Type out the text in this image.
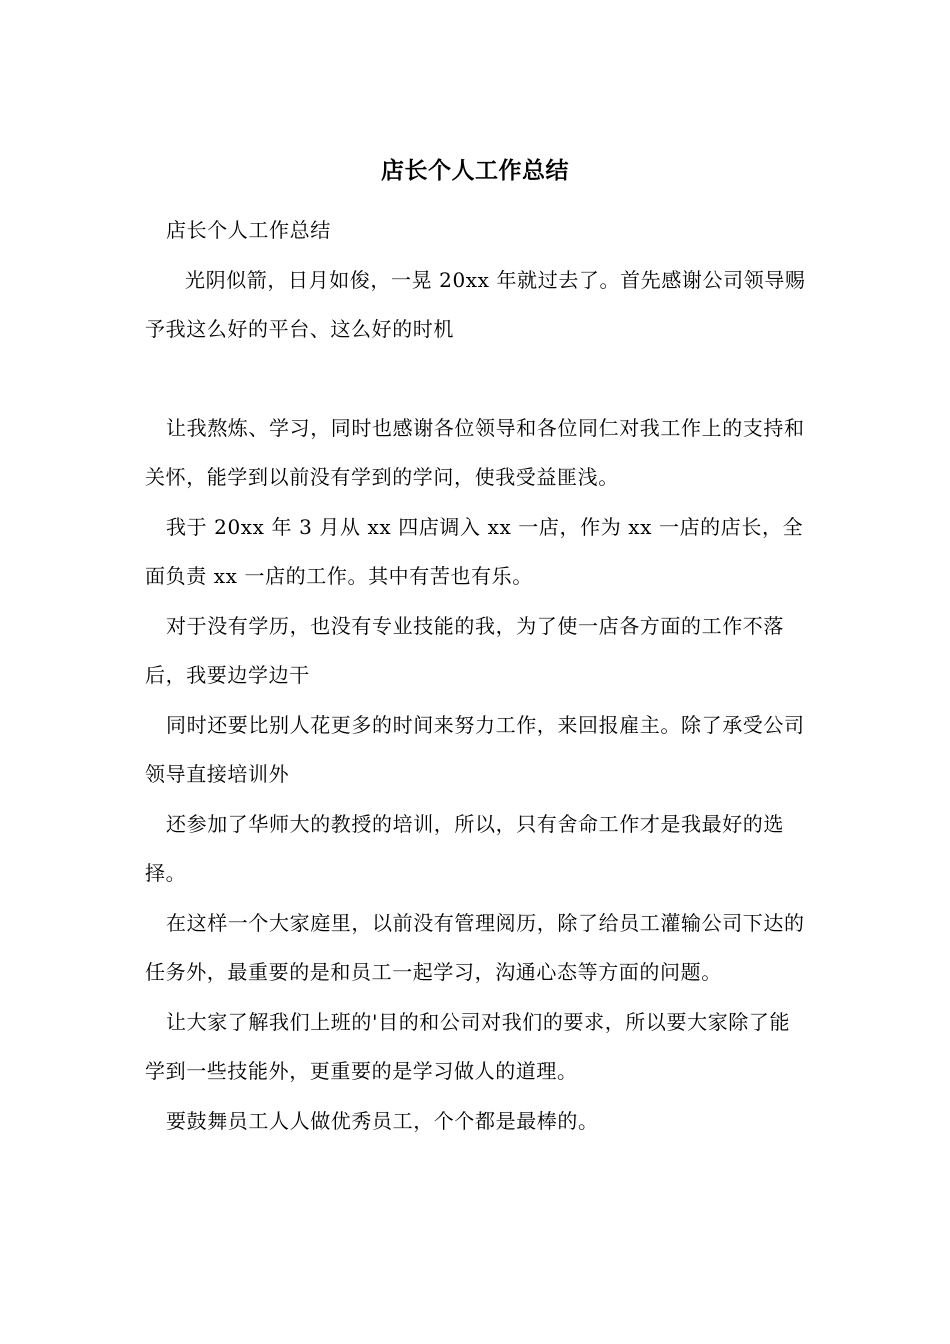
店长个人工作总结

店长个人工作总结

光阴似箭，日月如俊，一晃 20xx 年就过去了。首先感谢公司领导赐予我这么好的平台、这么好的时机

让我熬炼、学习，同时也感谢各位领导和各位同仁对我工作上的支持和关怀，能学到以前没有学到的学问，使我受益匪浅。

我于 20xx 年 3 月从 xx 四店调入 xx 一店，作为 xx 一店的店长，全面负责 xx 一店的工作。其中有苦也有乐。

对于没有学历，也没有专业技能的我，为了使一店各方面的工作不落后，我要边学边干

同时还要比别人花更多的时间来努力工作，来回报雇主。除了承受公司领导直接培训外

还参加了华师大的教授的培训，所以，只有舍命工作才是我最好的选择。

在这样一个大家庭里，以前没有管理阅历，除了给员工灌输公司下达的任务外，最重要的是和员工一起学习，沟通心态等方面的问题。

让大家了解我们上班的'目的和公司对我们的要求，所以要大家除了能学到一些技能外，更重要的是学习做人的道理。

要鼓舞员工人人做优秀员工，个个都是最棒的。
